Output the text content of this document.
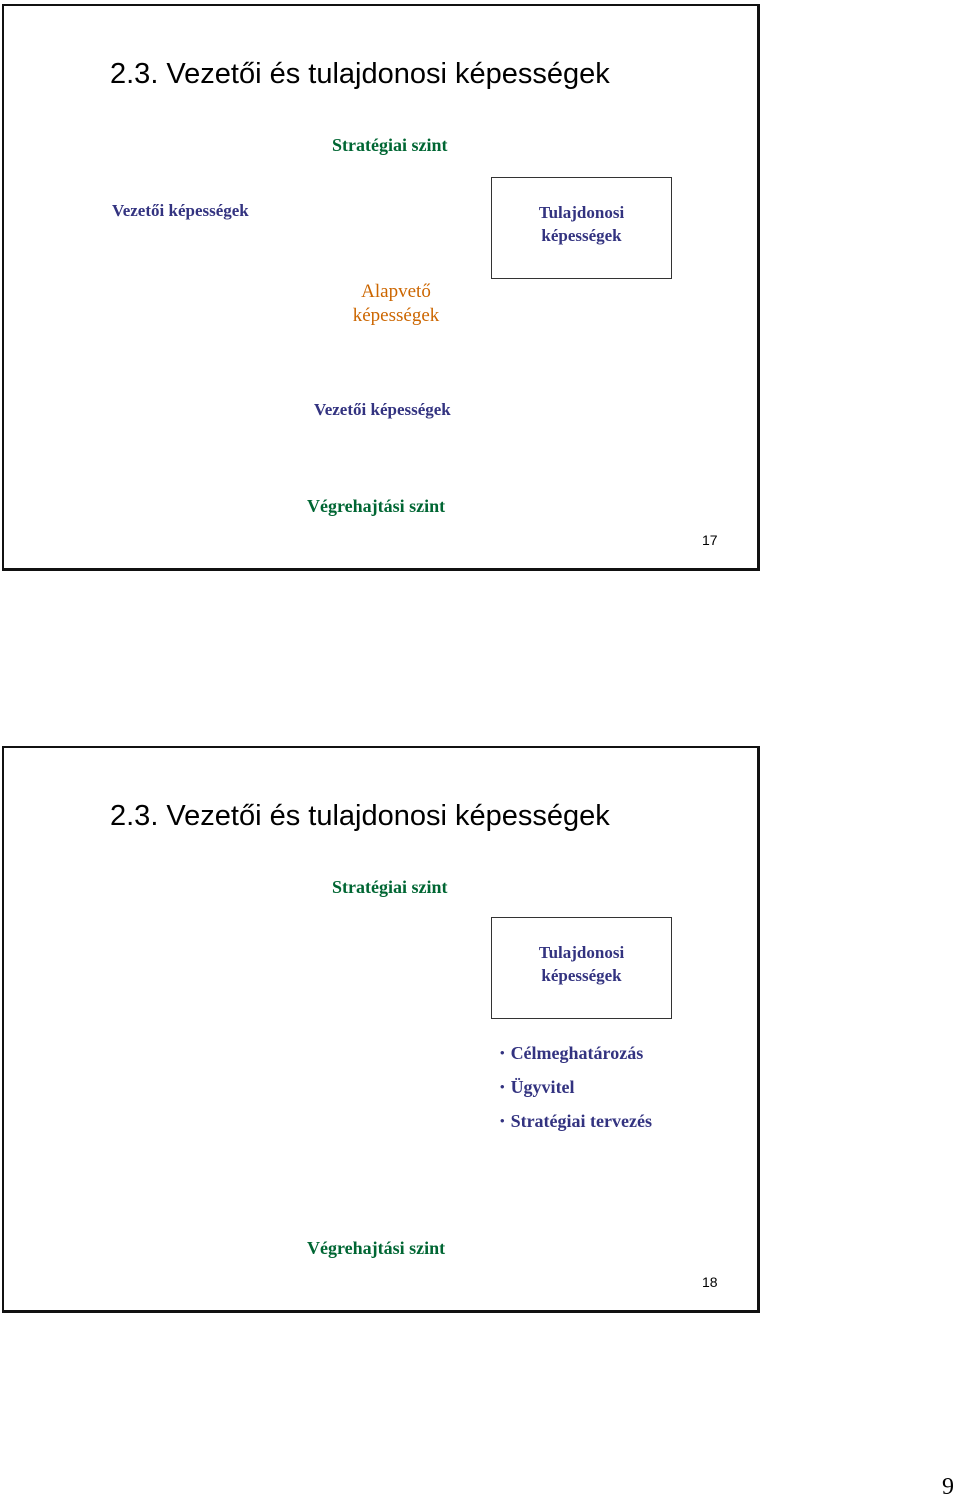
2.3. Vezetői és tulajdonosi képességek
Stratégiai szint
Vezetői képességek	Tulajdonosi
képességek
Alapvető
képességek
Vezetői képességek
Végrehajtási szint
17
2.3. Vezetői és tulajdonosi képességek
Stratégiai szint
Tulajdonosi
képességek
• Célmeghatározás
• Ügyvitel
• Stratégiai tervezés
Végrehajtási szint
18
9
